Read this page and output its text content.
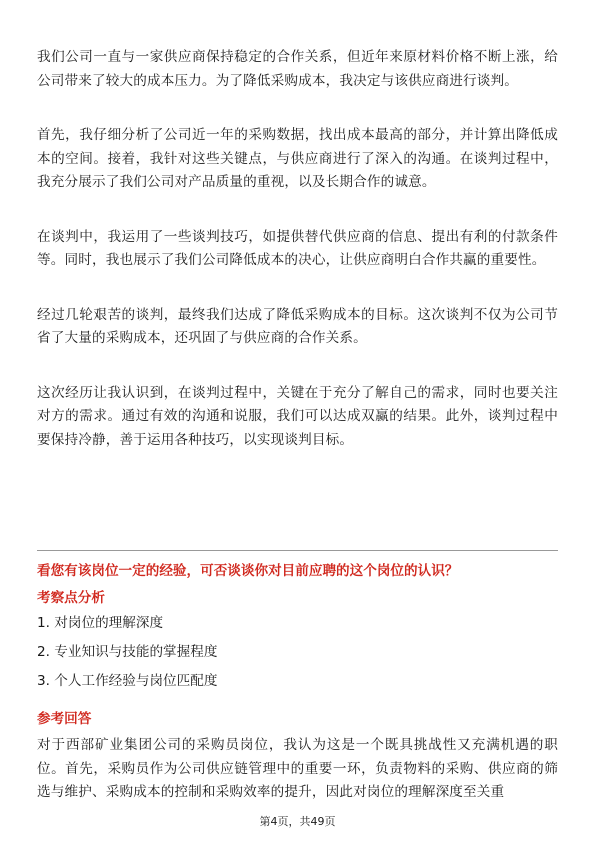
我们公司一直与一家供应商保持稳定的合作关系，但近年来原材料价格不断上涨，给公司带来了较大的成本压力。为了降低采购成本，我决定与该供应商进行谈判。

首先，我仔细分析了公司近一年的采购数据，找出成本最高的部分，并计算出降低成本的空间。接着，我针对这些关键点，与供应商进行了深入的沟通。在谈判过程中，我充分展示了我们公司对产品质量的重视，以及长期合作的诚意。

在谈判中，我运用了一些谈判技巧，如提供替代供应商的信息、提出有利的付款条件等。同时，我也展示了我们公司降低成本的决心，让供应商明白合作共赢的重要性。

经过几轮艰苦的谈判，最终我们达成了降低采购成本的目标。这次谈判不仅为公司节省了大量的采购成本，还巩固了与供应商的合作关系。

这次经历让我认识到，在谈判过程中，关键在于充分了解自己的需求，同时也要关注对方的需求。通过有效的沟通和说服，我们可以达成双赢的结果。此外，谈判过程中要保持冷静，善于运用各种技巧，以实现谈判目标。

看您有该岗位一定的经验，可否谈谈你对目前应聘的这个岗位的认识？
考察点分析
1. 对岗位的理解深度
2. 专业知识与技能的掌握程度
3. 个人工作经验与岗位匹配度
参考回答

对于西部矿业集团公司的采购员岗位，我认为这是一个既具挑战性又充满机遇的职位。首先，采购员作为公司供应链管理中的重要一环，负责物料的采购、供应商的筛选与维护、采购成本的控制和采购效率的提升，因此对岗位的理解深度至关重

第4页，共49页
